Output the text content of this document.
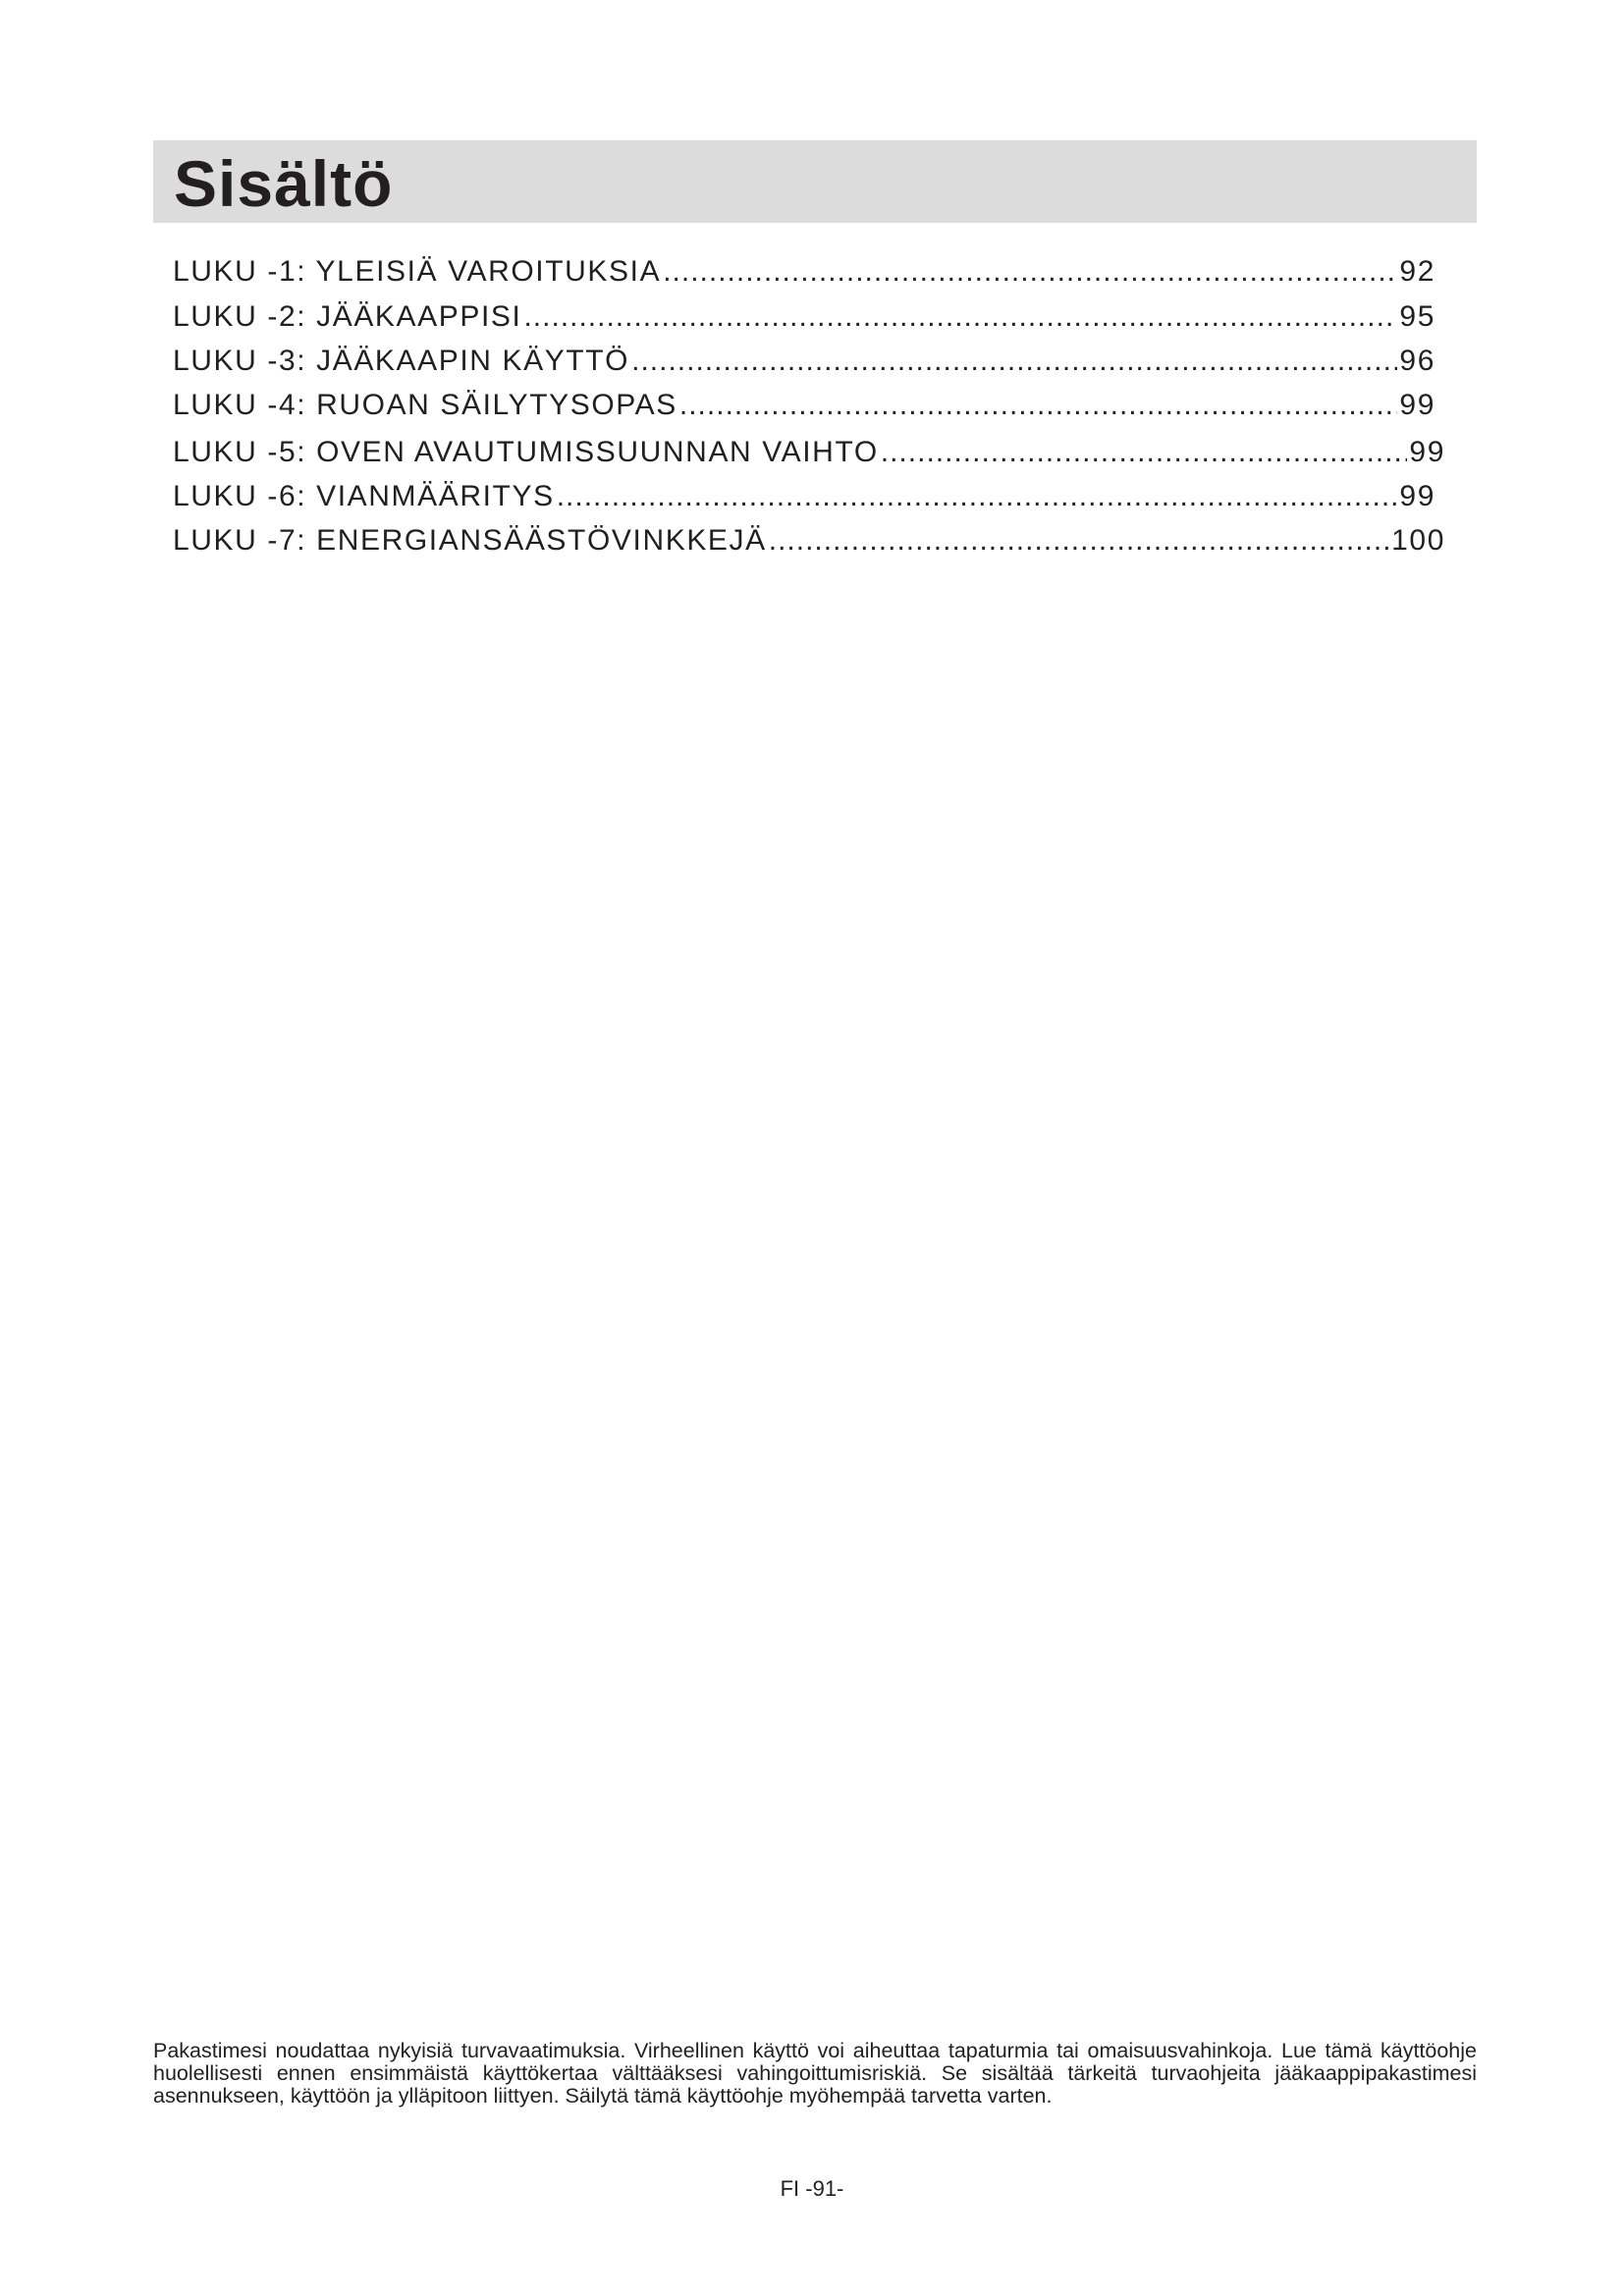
Sisältö
LUKU -1: YLEISIÄ VAROITUKSIA .....	92
LUKU -2: JÄÄKAAPPISI .....	95
LUKU -3: JÄÄKAAPIN KÄYTTÖ .....	96
LUKU -4: RUOAN SÄILYTYSOPAS .....	99
LUKU -5: OVEN AVAUTUMISSUUNNAN VAIHTO .....	99
LUKU -6: VIANMÄÄRITYS .....	99
LUKU -7: ENERGIANSÄÄSTÖVINKKEJÄ .....	100
Pakastimesi noudattaa nykyisiä turvavaatimuksia. Virheellinen käyttö voi aiheuttaa tapaturmia tai omaisuusvahinkoja. Lue tämä käyttöohje huolellisesti ennen ensimmäistä käyttökertaa välttääksesi vahingoittumisriskiä. Se sisältää tärkeitä turvaohjeita jääkaappipakastimesi asennukseen, käyttöön ja ylläpitoon liittyen. Säilytä tämä käyttöohje myöhempää tarvetta varten.
FI -91-
